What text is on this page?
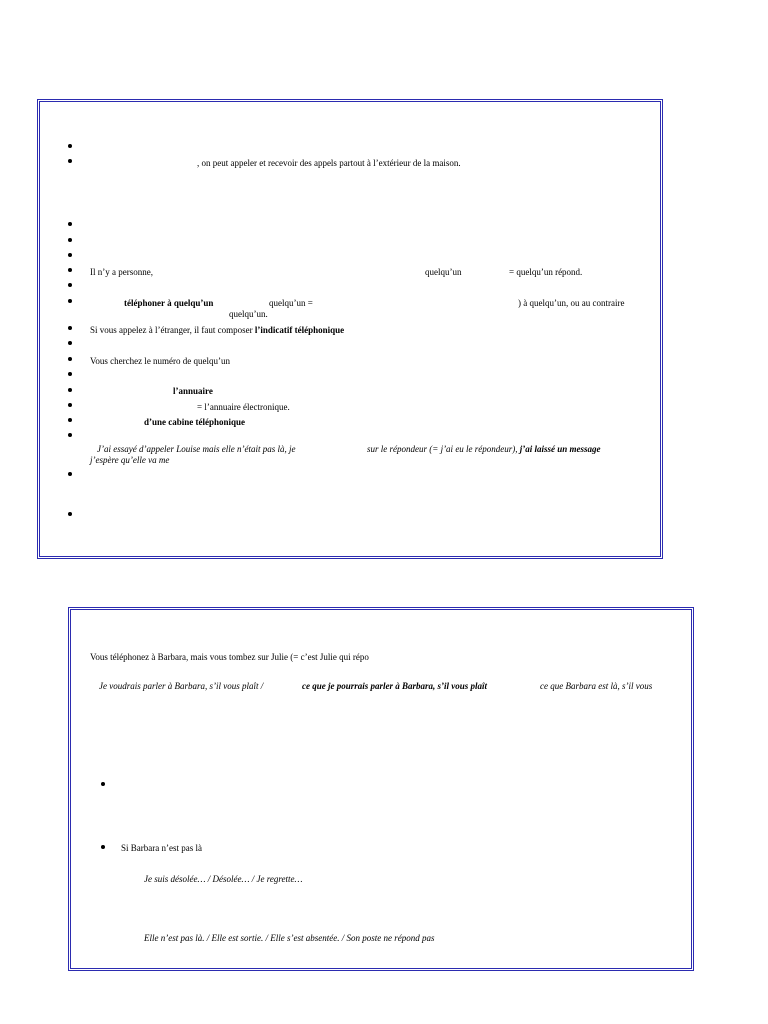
, on peut appeler et recevoir des appels partout à l’extérieur de la maison.
Il n’y a personne,	quelqu’un	= quelqu’un répond.
téléphoner à quelqu’un	quelqu’un =	) à quelqu’un, ou au contraire
quelqu’un.
Si vous appelez à l’étranger, il faut composer l’indicatif téléphonique
Vous cherchez le numéro de quelqu’un
l’annuaire
= l’annuaire électronique.
d’une cabine téléphonique
J’ai essayé d’appeler Louise mais elle n’était pas là, je	sur le répondeur (= j’ai eu le répondeur), j’ai laissé un message
j’espère qu’elle va me
Vous téléphonez à Barbara, mais vous tombez sur Julie (= c’est Julie qui répo
Je voudrais parler à Barbara, s’il vous plaît /	ce que je pourrais parler à Barbara, s’il vous plaît	ce que Barbara est là, s’il vous
Si Barbara n’est pas là
Je suis désolée… / Désolée… / Je regrette…
Elle n’est pas là. / Elle est sortie. / Elle s’est absentée. / Son poste ne répond pas
